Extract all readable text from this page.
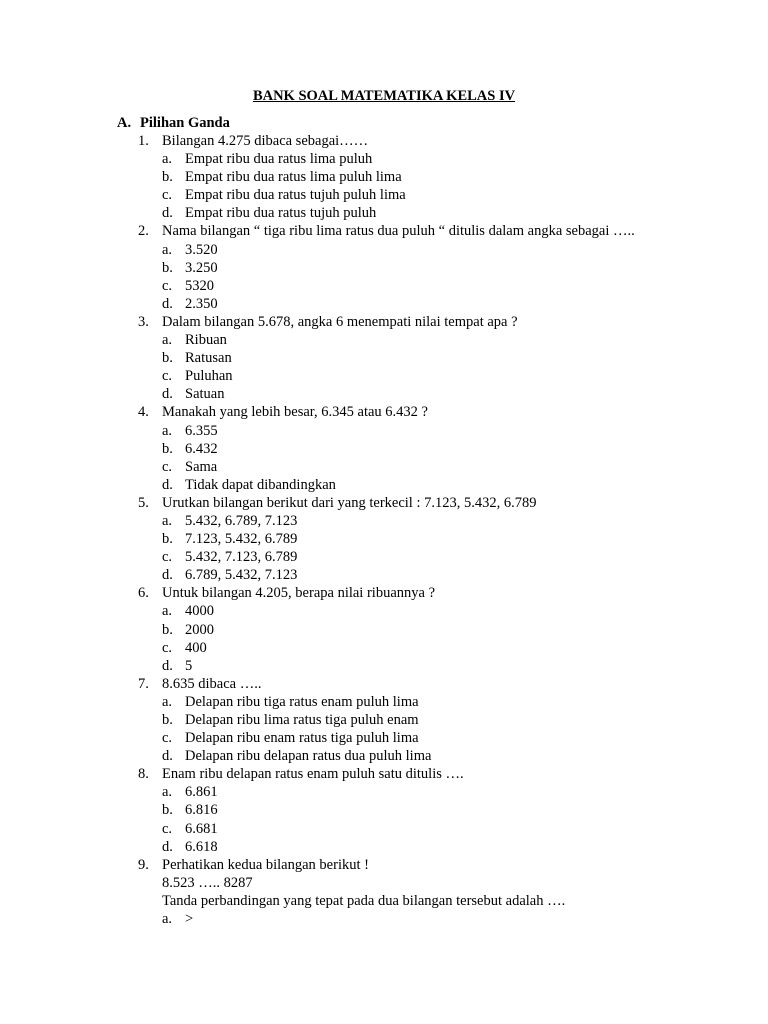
BANK SOAL MATEMATIKA KELAS IV
A. Pilihan Ganda
1. Bilangan 4.275 dibaca sebagai……
a. Empat ribu dua ratus lima puluh
b. Empat ribu dua ratus lima puluh lima
c. Empat ribu dua ratus tujuh puluh lima
d. Empat ribu dua ratus tujuh puluh
2. Nama bilangan “ tiga ribu lima ratus dua puluh “ ditulis dalam angka sebagai …..
a. 3.520
b. 3.250
c. 5320
d. 2.350
3. Dalam bilangan 5.678, angka 6 menempati nilai tempat apa ?
a. Ribuan
b. Ratusan
c. Puluhan
d. Satuan
4. Manakah yang lebih besar, 6.345 atau 6.432 ?
a. 6.355
b. 6.432
c. Sama
d. Tidak dapat dibandingkan
5. Urutkan bilangan berikut dari yang terkecil : 7.123, 5.432, 6.789
a. 5.432, 6.789, 7.123
b. 7.123, 5.432, 6.789
c. 5.432, 7.123, 6.789
d. 6.789, 5.432, 7.123
6. Untuk bilangan 4.205, berapa nilai ribuannya ?
a. 4000
b. 2000
c. 400
d. 5
7. 8.635 dibaca …..
a. Delapan ribu tiga ratus enam puluh lima
b. Delapan ribu lima ratus tiga puluh enam
c. Delapan ribu enam ratus tiga puluh lima
d. Delapan ribu delapan ratus dua puluh lima
8. Enam ribu delapan ratus enam puluh satu ditulis ….
a. 6.861
b. 6.816
c. 6.681
d. 6.618
9. Perhatikan kedua bilangan berikut !
8.523 ….. 8287
Tanda perbandingan yang tepat pada dua bilangan tersebut adalah ….
a. >
